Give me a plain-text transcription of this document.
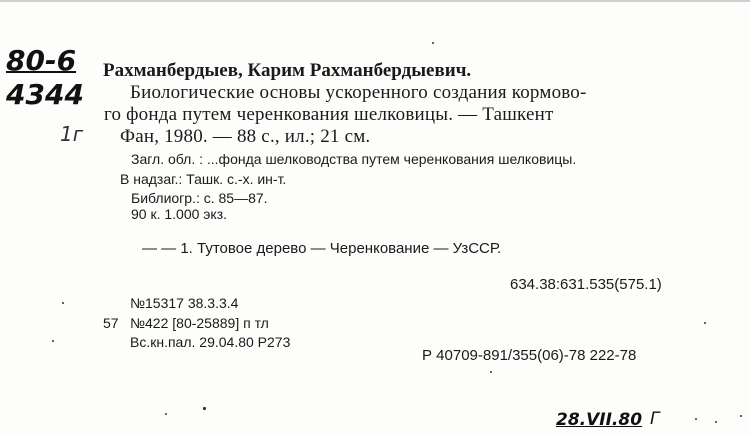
80-6
4344
1г
Рахманбердыев, Карим Рахманбердыевич.
Биологические основы ускоренного создания кормово-
го фонда путем черенкования шелковицы. — Ташкент
Фан, 1980. — 88 с., ил.; 21 см.
Загл. обл. : ...фонда шелководства путем черенкования шелковицы.
В надзаг.: Ташк. с.-х. ин-т.
Библиогр.: с. 85—87.
90 к. 1.000 экз.
— — 1. Тутовое дерево — Черенкование — УзССР.
634.38:631.535(575.1)
№15317 38.3.3.4
57 №422 [80-25889] п тл
Вс.кн.пал. 29.04.80 Р273
Р 40709-891/355(06)-78 222-78
28.VII.80 Г
